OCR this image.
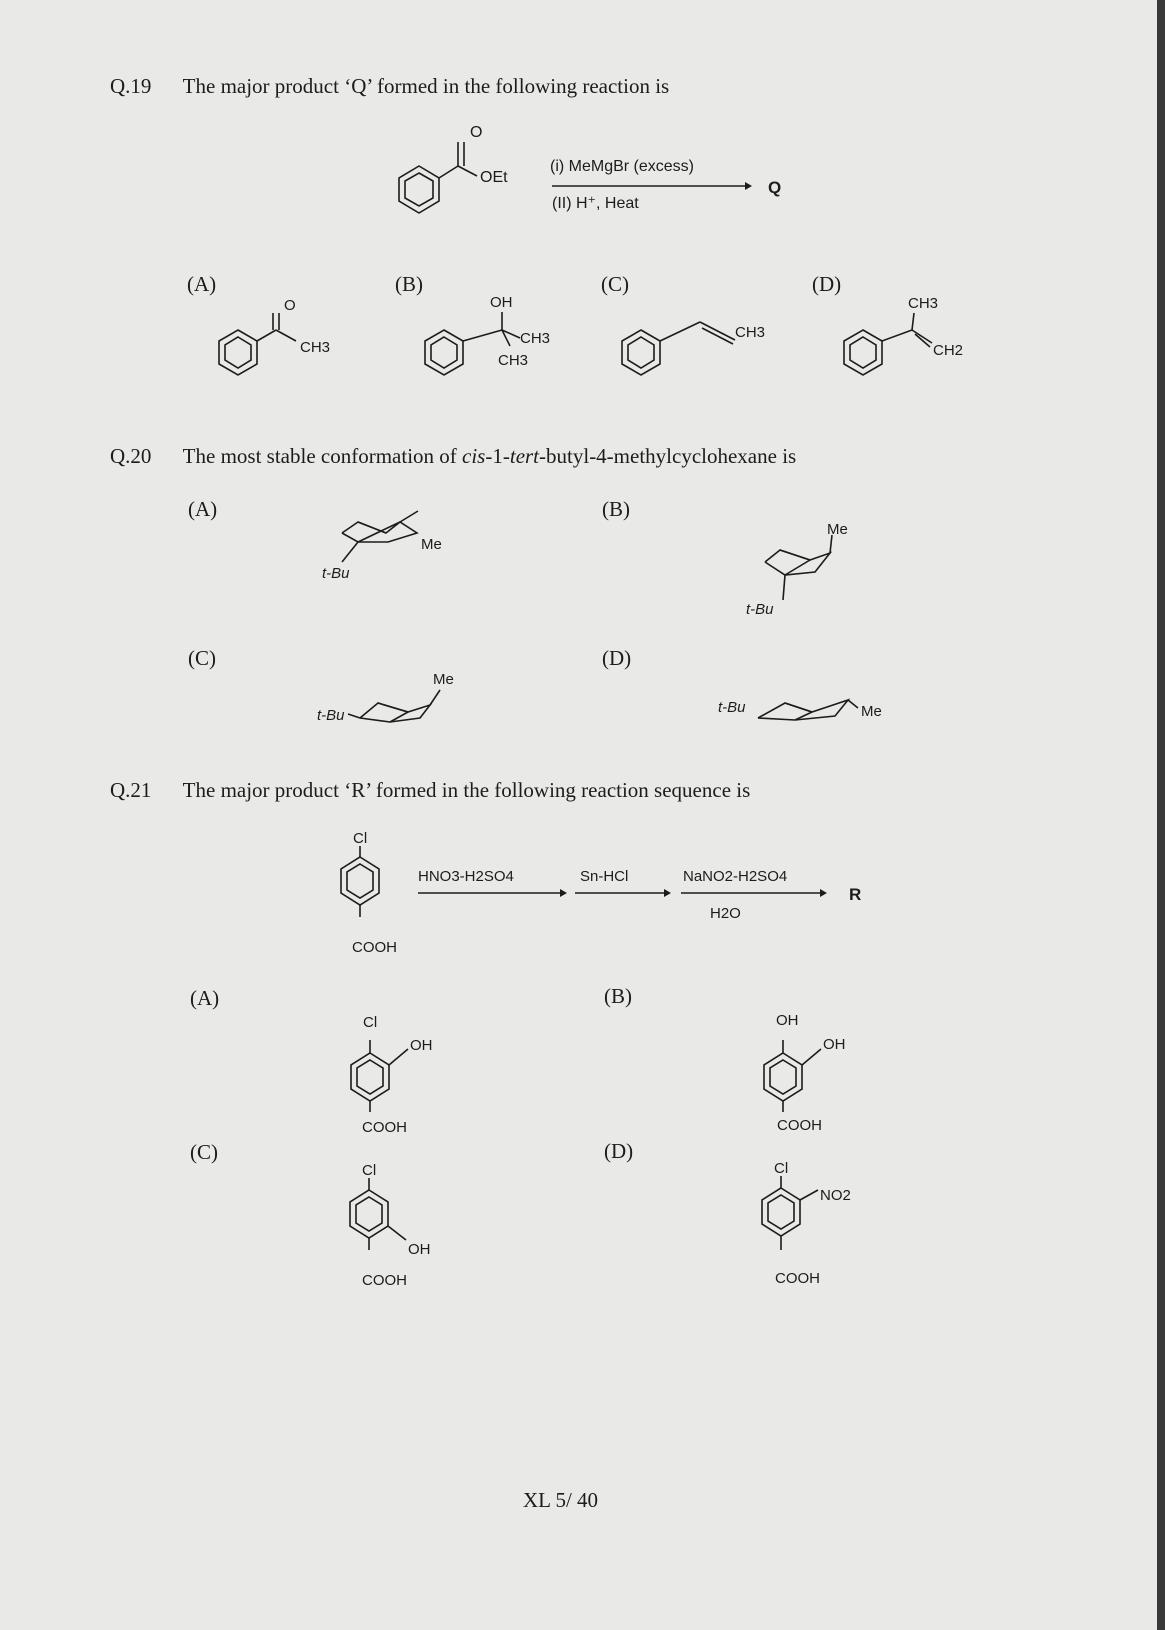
Q.19 The major product ‘Q’ formed in the following reaction is
O
OEt
(i) MeMgBr (excess)
(II) H⁺, Heat
Q
O
CH3
OH
CH3
CH3
CH3
CH3
CH2
(A)	(B)	(C)	(D)
Q.20 The most stable conformation of cis-1-tert-butyl-4-methylcyclohexane is
Me
t-Bu
Me
t-Bu
Me
t-Bu	t-Bu	Me
(A)	(B)
(C)	(D)
Q.21 The major product ‘R’ formed in the following reaction sequence is
Cl
COOH
HNO3-H2SO4	Sn-HCl	NaNO2-H2SO4
H2O
R
Cl
OH
COOH
OH
OH
COOH
Cl
OH
COOH
Cl
NO2
COOH
(A)	(B)
(C)	(D)
XL 5/ 40
